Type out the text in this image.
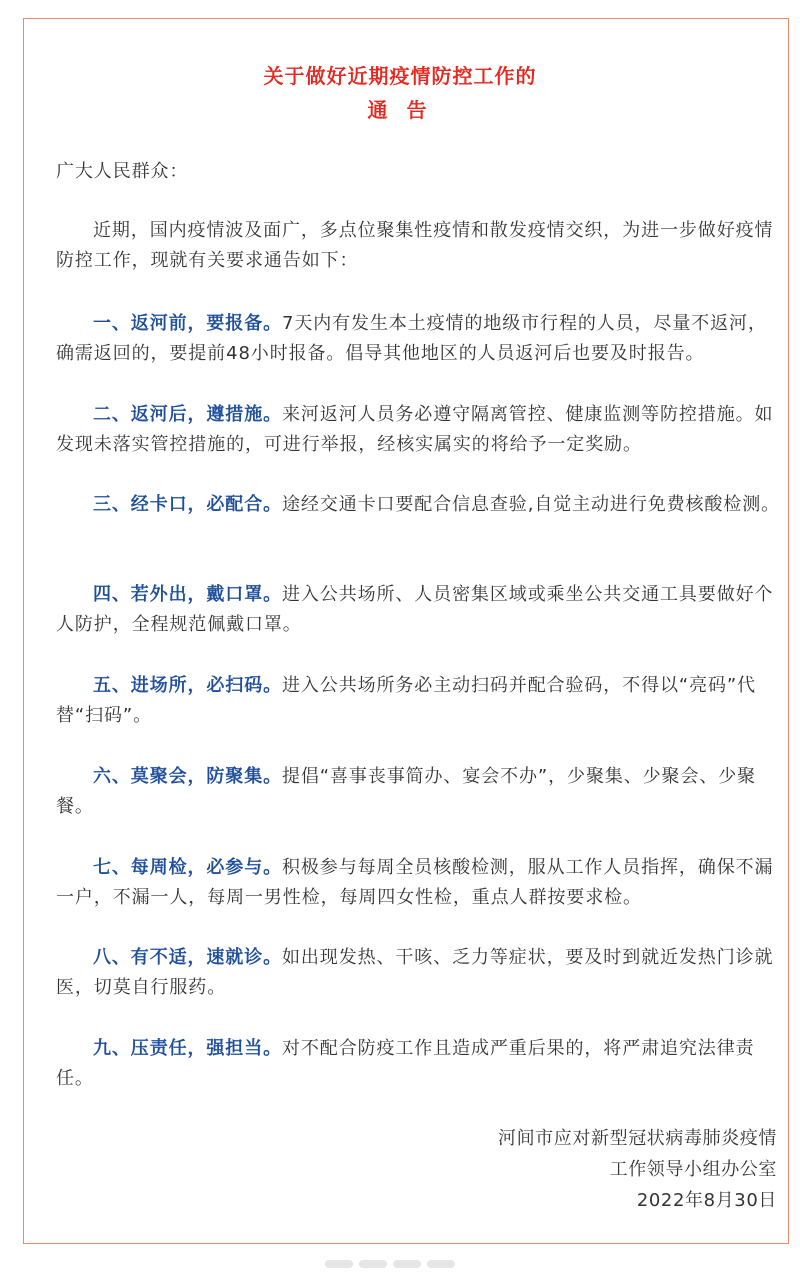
关于做好近期疫情防控工作的
通 告

广大人民群众：

近期，国内疫情波及面广，多点位聚集性疫情和散发疫情交织，为进一步做好疫情防控工作，现就有关要求通告如下：

一、返河前，要报备。7天内有发生本土疫情的地级市行程的人员，尽量不返河，确需返回的，要提前48小时报备。倡导其他地区的人员返河后也要及时报告。

二、返河后，遵措施。来河返河人员务必遵守隔离管控、健康监测等防控措施。如发现未落实管控措施的，可进行举报，经核实属实的将给予一定奖励。

三、经卡口，必配合。途经交通卡口要配合信息查验,自觉主动进行免费核酸检测。

四、若外出，戴口罩。进入公共场所、人员密集区域或乘坐公共交通工具要做好个人防护，全程规范佩戴口罩。

五、进场所，必扫码。进入公共场所务必主动扫码并配合验码，不得以“亮码”代替“扫码”。

六、莫聚会，防聚集。提倡“喜事丧事简办、宴会不办”，少聚集、少聚会、少聚餐。

七、每周检，必参与。积极参与每周全员核酸检测，服从工作人员指挥，确保不漏一户，不漏一人，每周一男性检，每周四女性检，重点人群按要求检。

八、有不适，速就诊。如出现发热、干咳、乏力等症状，要及时到就近发热门诊就医，切莫自行服药。

九、压责任，强担当。对不配合防疫工作且造成严重后果的，将严肃追究法律责任。

河间市应对新型冠状病毒肺炎疫情

工作领导小组办公室

2022年8月30日
